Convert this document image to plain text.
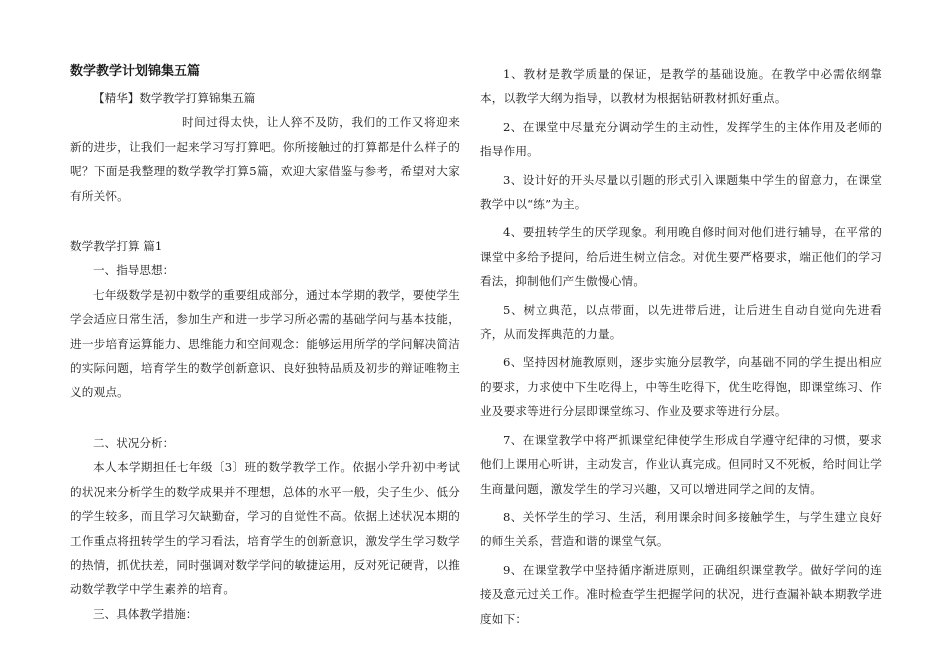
数学教学计划锦集五篇
【精华】数学教学打算锦集五篇
时间过得太快，让人猝不及防，我们的工作又将迎来新的进步，让我们一起来学习写打算吧。你所接触过的打算都是什么样子的呢？下面是我整理的数学教学打算5篇，欢迎大家借鉴与参考，希望对大家有所关怀。
数学教学打算 篇1
一、指导思想：
七年级数学是初中数学的重要组成部分，通过本学期的教学，要使学生学会适应日常生活，参加生产和进一步学习所必需的基础学问与基本技能，进一步培育运算能力、思维能力和空间观念：能够运用所学的学问解决简洁的实际问题，培育学生的数学创新意识、良好独特品质及初步的辩证唯物主义的观点。
二、状况分析：
本人本学期担任七年级〔3〕班的数学教学工作。依据小学升初中考试的状况来分析学生的数学成果并不理想，总体的水平一般，尖子生少、低分的学生较多，而且学习欠缺勤奋，学习的自觉性不高。依据上述状况本期的工作重点将扭转学生的学习看法，培育学生的创新意识，激发学生学习数学的热情，抓优扶差，同时强调对数学学问的敏捷运用，反对死记硬背，以推动数学教学中学生素养的培育。
三、具体教学措施：
1、教材是教学质量的保证，是教学的基础设施。在教学中必需依纲靠本，以教学大纲为指导，以教材为根据钻研教材抓好重点。
2、在课堂中尽量充分调动学生的主动性，发挥学生的主体作用及老师的指导作用。
3、设计好的开头尽量以引题的形式引入课题集中学生的留意力，在课堂教学中以“练”为主。
4、要扭转学生的厌学现象。利用晚自修时间对他们进行辅导，在平常的课堂中多给予提问，给后进生树立信念。对优生要严格要求，端正他们的学习看法，抑制他们产生傲慢心情。
5、树立典范，以点带面，以先进带后进，让后进生自动自觉向先进看齐，从而发挥典范的力量。
6、坚持因材施教原则，逐步实施分层教学，向基础不同的学生提出相应的要求，力求使中下生吃得上，中等生吃得下，优生吃得饱，即课堂练习、作业及要求等进行分层即课堂练习、作业及要求等进行分层。
7、在课堂教学中将严抓课堂纪律使学生形成自学遵守纪律的习惯，要求他们上课用心听讲，主动发言，作业认真完成。但同时又不死板，给时间让学生商量问题，激发学生的学习兴趣，又可以增进同学之间的友情。
8、关怀学生的学习、生活，利用课余时间多接触学生，与学生建立良好的师生关系，营造和谐的课堂气氛。
9、在课堂教学中坚持循序渐进原则，正确组织课堂教学。做好学问的连接及意元过关工作。准时检查学生把握学问的状况，进行查漏补缺本期教学进度如下：
